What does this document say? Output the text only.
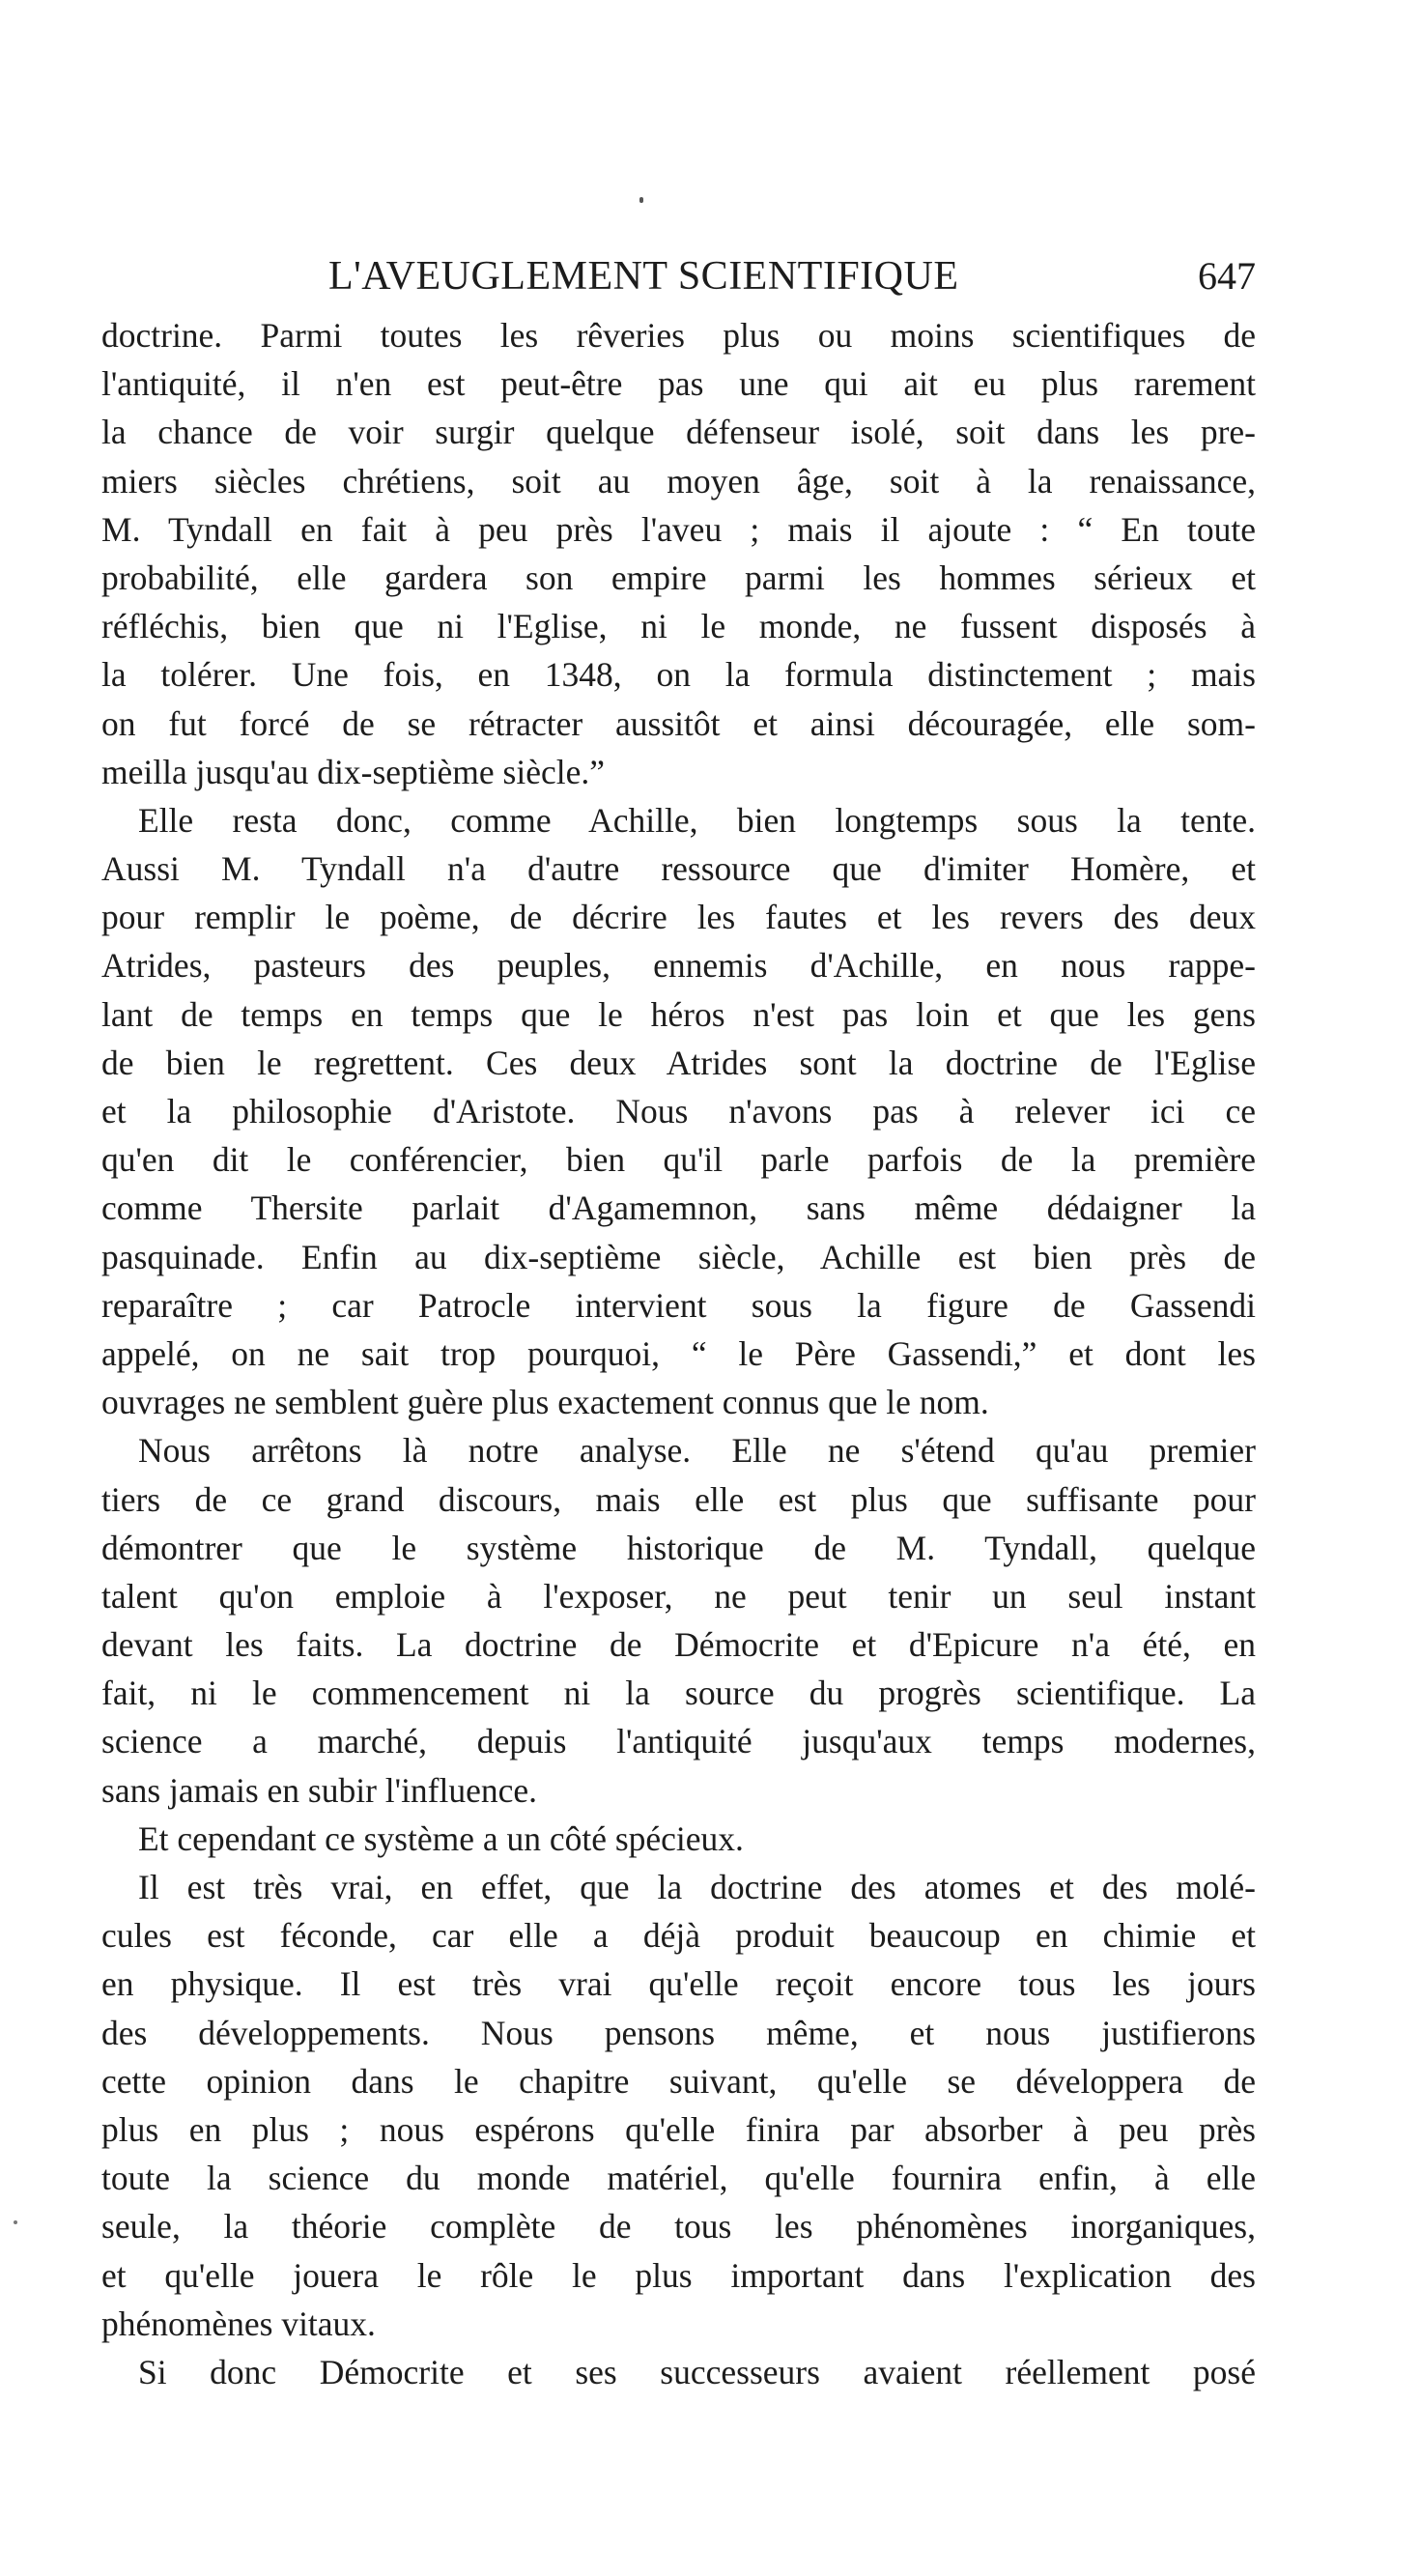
L'AVEUGLEMENT SCIENTIFIQUE	647
doctrine. Parmi toutes les rêveries plus ou moins scientifiques de
l'antiquité, il n'en est peut-être pas une qui ait eu plus rarement
la chance de voir surgir quelque défenseur isolé, soit dans les pre-
miers siècles chrétiens, soit au moyen âge, soit à la renaissance,
M. Tyndall en fait à peu près l'aveu ; mais il ajoute : “ En toute
probabilité, elle gardera son empire parmi les hommes sérieux et
réfléchis, bien que ni l'Eglise, ni le monde, ne fussent disposés à
la tolérer. Une fois, en 1348, on la formula distinctement ; mais
on fut forcé de se rétracter aussitôt et ainsi découragée, elle som-
meilla jusqu'au dix-septième siècle.”
Elle resta donc, comme Achille, bien longtemps sous la tente.
Aussi M. Tyndall n'a d'autre ressource que d'imiter Homère, et
pour remplir le poème, de décrire les fautes et les revers des deux
Atrides, pasteurs des peuples, ennemis d'Achille, en nous rappe-
lant de temps en temps que le héros n'est pas loin et que les gens
de bien le regrettent. Ces deux Atrides sont la doctrine de l'Eglise
et la philosophie d'Aristote. Nous n'avons pas à relever ici ce
qu'en dit le conférencier, bien qu'il parle parfois de la première
comme Thersite parlait d'Agamemnon, sans même dédaigner la
pasquinade. Enfin au dix-septième siècle, Achille est bien près de
reparaître ; car Patrocle intervient sous la figure de Gassendi
appelé, on ne sait trop pourquoi, “ le Père Gassendi,” et dont les
ouvrages ne semblent guère plus exactement connus que le nom.
Nous arrêtons là notre analyse. Elle ne s'étend qu'au premier
tiers de ce grand discours, mais elle est plus que suffisante pour
démontrer que le système historique de M. Tyndall, quelque
talent qu'on emploie à l'exposer, ne peut tenir un seul instant
devant les faits. La doctrine de Démocrite et d'Epicure n'a été, en
fait, ni le commencement ni la source du progrès scientifique. La
science a marché, depuis l'antiquité jusqu'aux temps modernes,
sans jamais en subir l'influence.
Et cependant ce système a un côté spécieux.
Il est très vrai, en effet, que la doctrine des atomes et des molé-
cules est féconde, car elle a déjà produit beaucoup en chimie et
en physique. Il est très vrai qu'elle reçoit encore tous les jours
des développements. Nous pensons même, et nous justifierons
cette opinion dans le chapitre suivant, qu'elle se développera de
plus en plus ; nous espérons qu'elle finira par absorber à peu près
toute la science du monde matériel, qu'elle fournira enfin, à elle
seule, la théorie complète de tous les phénomènes inorganiques,
et qu'elle jouera le rôle le plus important dans l'explication des
phénomènes vitaux.
Si donc Démocrite et ses successeurs avaient réellement posé
